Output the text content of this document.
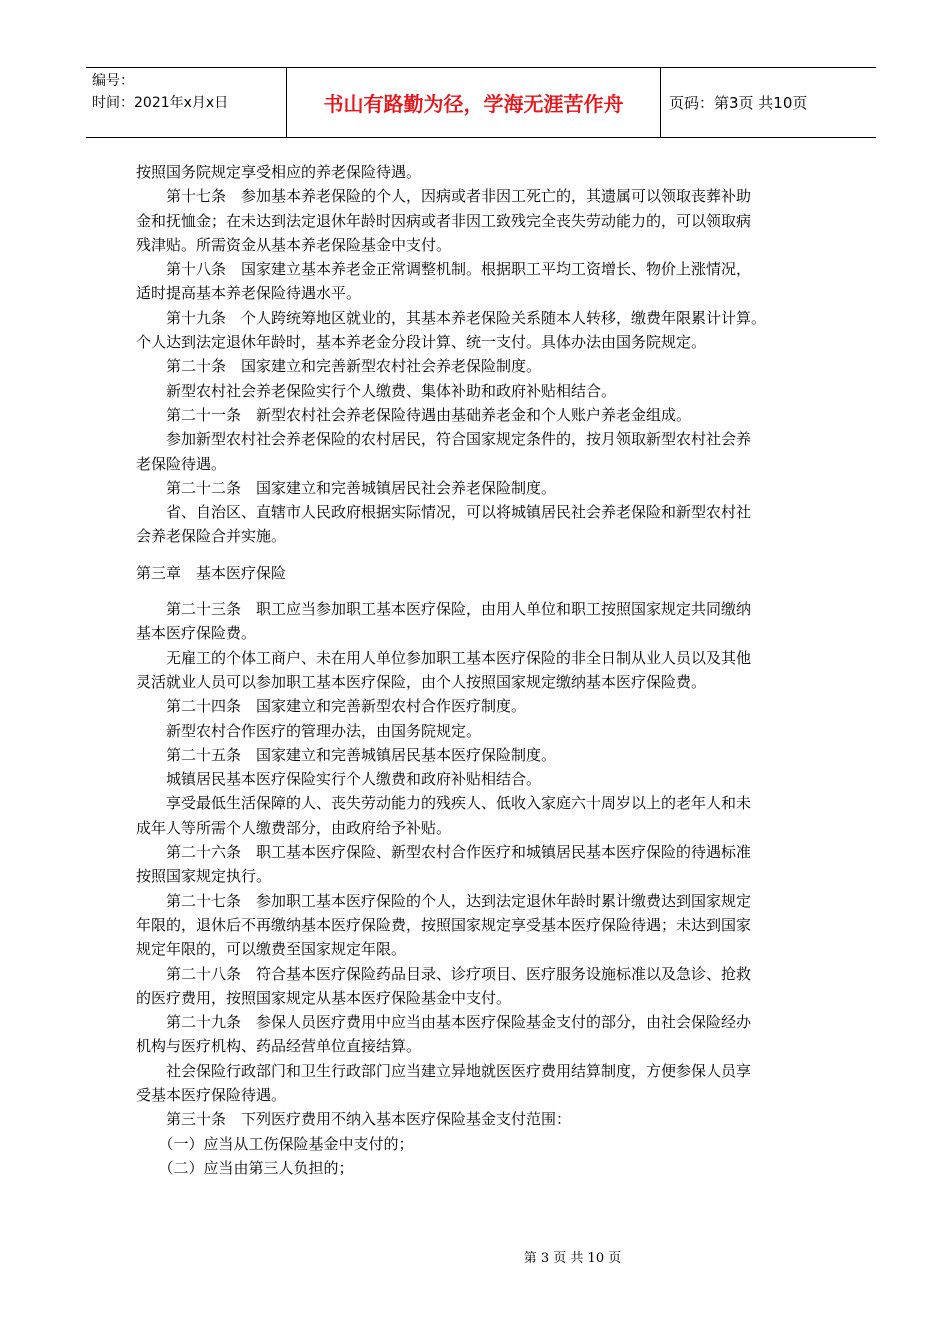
编号：
时间：2021年x月x日	书山有路勤为径，学海无涯苦作舟	页码：第3页 共10页

按照国务院规定享受相应的养老保险待遇。

　　第十七条　参加基本养老保险的个人，因病或者非因工死亡的，其遗属可以领取丧葬补助

金和抚恤金；在未达到法定退休年龄时因病或者非因工致残完全丧失劳动能力的，可以领取病

残津贴。所需资金从基本养老保险基金中支付。

　　第十八条　国家建立基本养老金正常调整机制。根据职工平均工资增长、物价上涨情况，

适时提高基本养老保险待遇水平。

　　第十九条　个人跨统筹地区就业的，其基本养老保险关系随本人转移，缴费年限累计计算。

个人达到法定退休年龄时，基本养老金分段计算、统一支付。具体办法由国务院规定。

　　第二十条　国家建立和完善新型农村社会养老保险制度。

　　新型农村社会养老保险实行个人缴费、集体补助和政府补贴相结合。

　　第二十一条　新型农村社会养老保险待遇由基础养老金和个人账户养老金组成。

　　参加新型农村社会养老保险的农村居民，符合国家规定条件的，按月领取新型农村社会养

老保险待遇。

　　第二十二条　国家建立和完善城镇居民社会养老保险制度。

　　省、自治区、直辖市人民政府根据实际情况，可以将城镇居民社会养老保险和新型农村社

会养老保险合并实施。

第三章　基本医疗保险

　　第二十三条　职工应当参加职工基本医疗保险，由用人单位和职工按照国家规定共同缴纳

基本医疗保险费。

　　无雇工的个体工商户、未在用人单位参加职工基本医疗保险的非全日制从业人员以及其他

灵活就业人员可以参加职工基本医疗保险，由个人按照国家规定缴纳基本医疗保险费。

　　第二十四条　国家建立和完善新型农村合作医疗制度。

　　新型农村合作医疗的管理办法，由国务院规定。

　　第二十五条　国家建立和完善城镇居民基本医疗保险制度。

　　城镇居民基本医疗保险实行个人缴费和政府补贴相结合。

　　享受最低生活保障的人、丧失劳动能力的残疾人、低收入家庭六十周岁以上的老年人和未

成年人等所需个人缴费部分，由政府给予补贴。

　　第二十六条　职工基本医疗保险、新型农村合作医疗和城镇居民基本医疗保险的待遇标准

按照国家规定执行。

　　第二十七条　参加职工基本医疗保险的个人，达到法定退休年龄时累计缴费达到国家规定

年限的，退休后不再缴纳基本医疗保险费，按照国家规定享受基本医疗保险待遇；未达到国家

规定年限的，可以缴费至国家规定年限。

　　第二十八条　符合基本医疗保险药品目录、诊疗项目、医疗服务设施标准以及急诊、抢救

的医疗费用，按照国家规定从基本医疗保险基金中支付。

　　第二十九条　参保人员医疗费用中应当由基本医疗保险基金支付的部分，由社会保险经办

机构与医疗机构、药品经营单位直接结算。

　　社会保险行政部门和卫生行政部门应当建立异地就医医疗费用结算制度，方便参保人员享

受基本医疗保险待遇。

　　第三十条　下列医疗费用不纳入基本医疗保险基金支付范围：

　　（一）应当从工伤保险基金中支付的；

　　（二）应当由第三人负担的；

第 3 页 共 10 页
